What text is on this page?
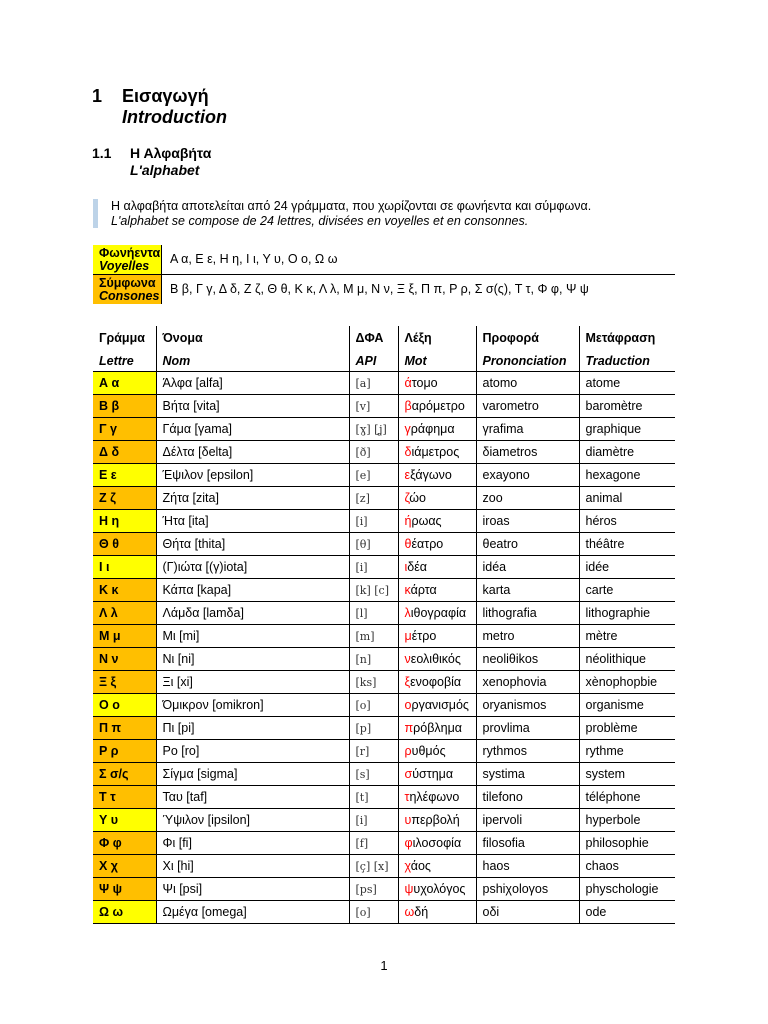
1 Εισαγωγή
Introduction
1.1 Η Αλφαβήτα
L'alphabet
Η αλφαβήτα αποτελείται από 24 γράμματα, που χωρίζονται σε φωνήεντα και σύμφωνα.
L'alphabet se compose de 24 lettres, divisées en voyelles et en consonnes.
Φωνήεντα
Voyelles	Α α, Ε ε, Η η, Ι ι, Υ υ, Ο ο, Ω ω
Σύμφωνα
Consones	Β β, Γ γ, Δ δ, Ζ ζ, Θ θ, Κ κ, Λ λ, Μ μ, Ν ν, Ξ ξ, Π π, Ρ ρ, Σ σ(ς), Τ τ, Φ φ, Ψ ψ
Γράμμα	Όνομα	ΔΦΑ	Λέξη	Προφορά	Μετάφραση
Lettre	Nom	API	Mot	Prononciation	Traduction
Α α	Άλφα [alfa]	[a]	άτομο	atomo	atome
Β β	Βήτα [vita]	[v]	βαρόμετρο	varometro	baromètre
Γ γ	Γάμα [γama]	[ɣ] [ʝ]	γράφημα	γrafima	graphique
Δ δ	Δέλτα [δelta]	[ð]	διάμετρος	δiametros	diamètre
Ε ε	Έψιλον [epsilon]	[e]	εξάγωνο	exayono	hexagone
Ζ ζ	Ζήτα [zita]	[z]	ζώο	zoo	animal
Η η	Ήτα [ita]	[i]	ήρωας	iroas	héros
Θ θ	Θήτα [thita]	[θ]	θέατρο	θeatro	théâtre
Ι ι	(Γ)ιώτα [(γ)iota]	[i]	ιδέα	idéa	idée
Κ κ	Κάπα [kapa]	[k] [c]	κάρτα	karta	carte
Λ λ	Λάμδα [lamδa]	[l]	λιθογραφία	lithografia	lithographie
Μ μ	Μι [mi]	[m]	μέτρο	metro	mètre
Ν ν	Νι [ni]	[n]	νεολιθικός	neoliθikos	néolithique
Ξ ξ	Ξι [xi]	[ks]	ξενοφοβία	xenophovia	xènophopbie
Ο ο	Όμικρον [omikron]	[o]	οργανισμός	oryanismos	organisme
Π π	Πι [pi]	[p]	πρόβλημα	provlima	problème
Ρ ρ	Ρο [ro]	[r]	ρυθμός	rythmos	rythme
Σ σ/ς	Σίγμα [sigma]	[s]	σύστημα	systima	system
Τ τ	Ταυ [taf]	[t]	τηλέφωνο	tilefono	téléphone
Υ υ	Ύψιλον [ipsilon]	[i]	υπερβολή	ipervoli	hyperbole
Φ φ	Φι [fi]	[f]	φιλοσοφία	filosofia	philosophie
Χ χ	Χι [hi]	[ç] [x]	χάος	haos	chaos
Ψ ψ	Ψι [psi]	[ps]	ψυχολόγος	pshiχoloγos	physchologie
Ω ω	Ωμέγα [omega]	[o]	ωδή	οδi	ode
1
